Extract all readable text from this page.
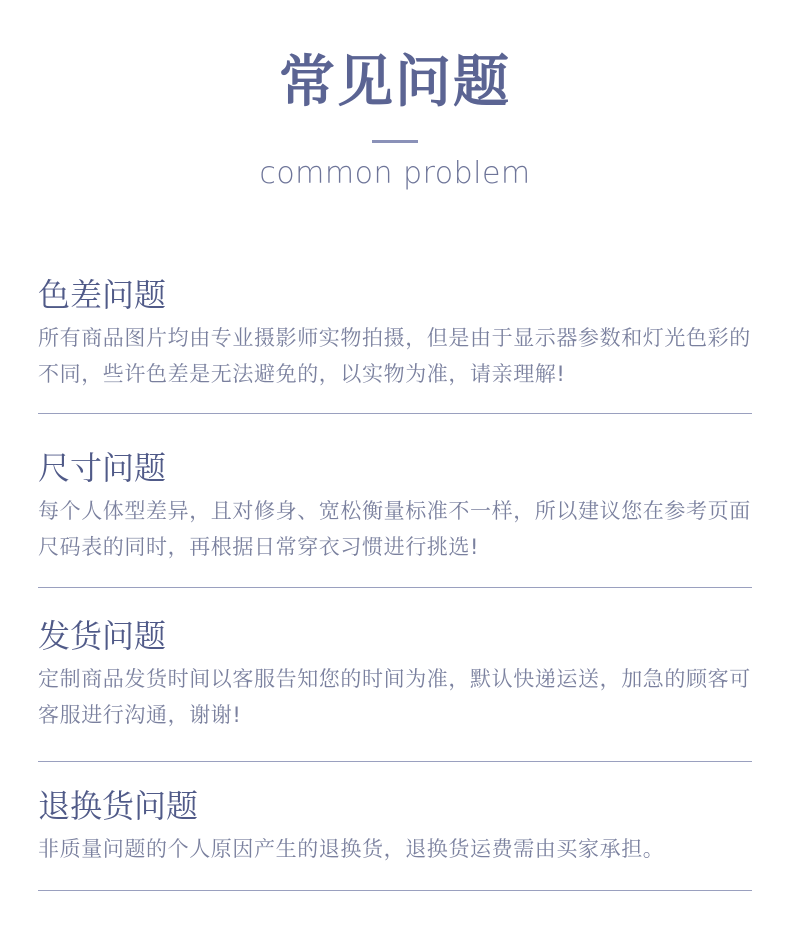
常见问题
common problem
色差问题
所有商品图片均由专业摄影师实物拍摄，但是由于显示器参数和灯光色彩的不同，些许色差是无法避免的，以实物为准，请亲理解!
尺寸问题
每个人体型差异，且对修身、宽松衡量标准不一样，所以建议您在参考页面尺码表的同时，再根据日常穿衣习惯进行挑选!
发货问题
定制商品发货时间以客服告知您的时间为准，默认快递运送，加急的顾客可客服进行沟通，谢谢!
退换货问题
非质量问题的个人原因产生的退换货，退换货运费需由买家承担。
